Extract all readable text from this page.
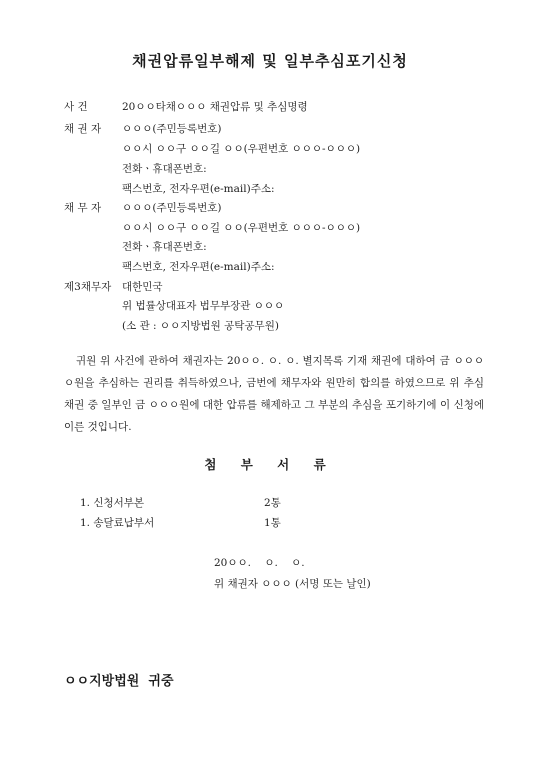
채권압류일부해제 및 일부추심포기신청
사 건	20ㅇㅇ타채ㅇㅇㅇ 채권압류 및 추심명령
채 권 자 ㅇㅇㅇ(주민등록번호)
ㅇㅇ시 ㅇㅇ구 ㅇㅇ길 ㅇㅇ(우편번호 ㅇㅇㅇ-ㅇㅇㅇ)
전화ㆍ휴대폰번호:
팩스번호, 전자우편(e-mail)주소:
채 무 자 ㅇㅇㅇ(주민등록번호)
ㅇㅇ시 ㅇㅇ구 ㅇㅇ길 ㅇㅇ(우편번호 ㅇㅇㅇ-ㅇㅇㅇ)
전화ㆍ휴대폰번호:
팩스번호, 전자우편(e-mail)주소:
제3채무자 대한민국
위 법률상대표자 법무부장관 ㅇㅇㅇ
(소 관 : ㅇㅇ지방법원 공탁공무원)
귀원 위 사건에 관하여 채권자는 20ㅇㅇ. ㅇ. ㅇ. 별지목록 기재 채권에 대하여 금 ㅇㅇㅇㅇ원을 추심하는 권리를 취득하였으나, 금번에 채무자와 원만히 합의를 하였으므로 위 추심채권 중 일부인 금 ㅇㅇㅇ원에 대한 압류를 해제하고 그 부분의 추심을 포기하기에 이 신청에 이른 것입니다.
첨 부 서 류
1. 신청서부본	2통
1. 송달료납부서	1통
20ㅇㅇ.    ㅇ.    ㅇ.
위 채권자 ㅇㅇㅇ (서명 또는 날인)
ㅇㅇ지방법원  귀중
